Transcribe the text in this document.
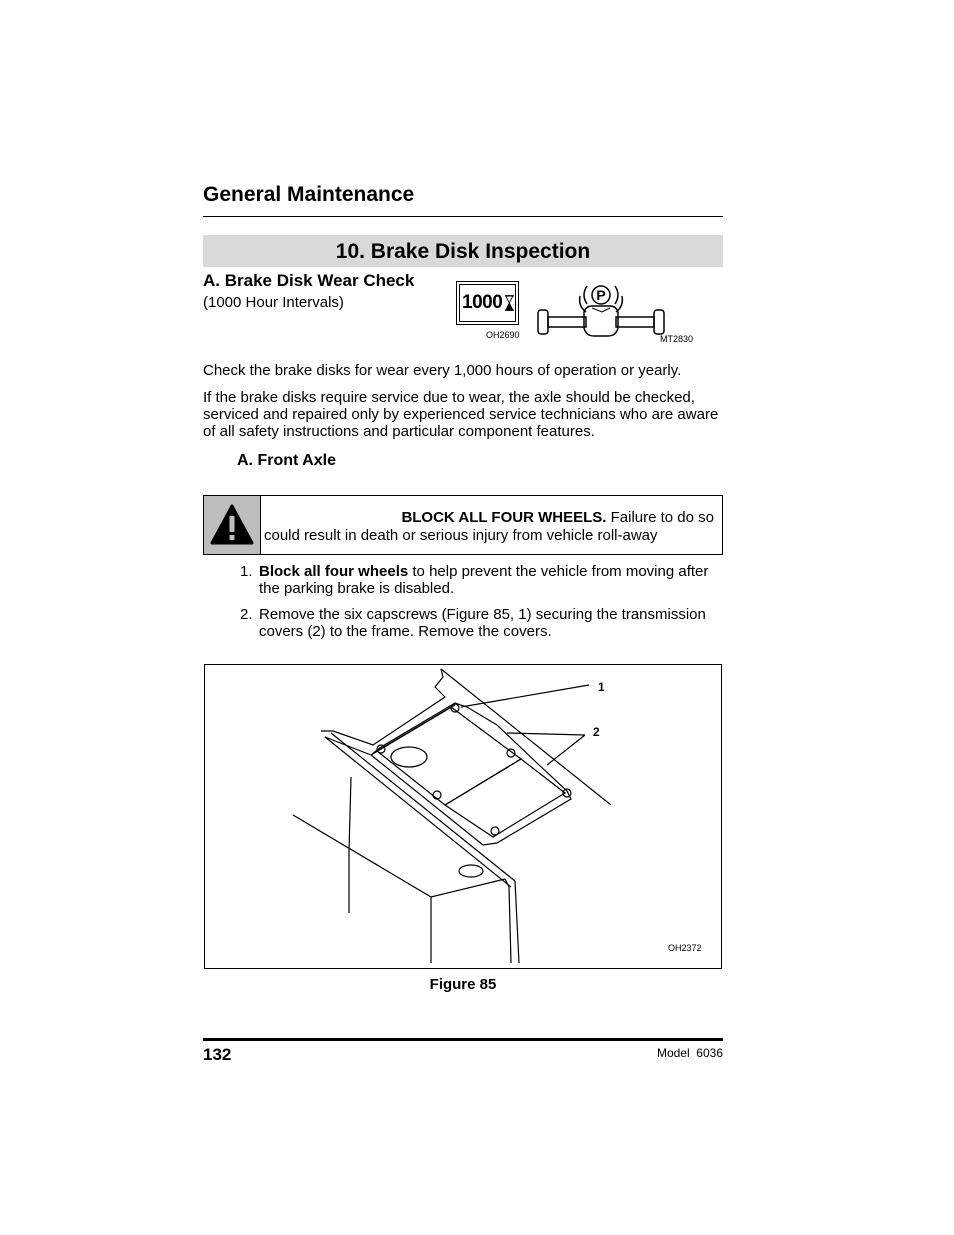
General Maintenance
10. Brake Disk Inspection
A. Brake Disk Wear Check
(1000 Hour Intervals)	1000
OH2690
P
MT2830
Check the brake disks for wear every 1,000 hours of operation or yearly.
If the brake disks require service due to wear, the axle should be checked, serviced and repaired only by experienced service technicians who are aware of all safety instructions and particular component features.
A. Front Axle
BLOCK ALL FOUR WHEELS. Failure to do so
could result in death or serious injury from vehicle roll-away
1. Block all four wheels to help prevent the vehicle from moving after the parking brake is disabled.
2. Remove the six capscrews (Figure 85, 1) securing the transmission covers (2) to the frame. Remove the covers.
1
2
OH2372
Figure 85
132	Model  6036
